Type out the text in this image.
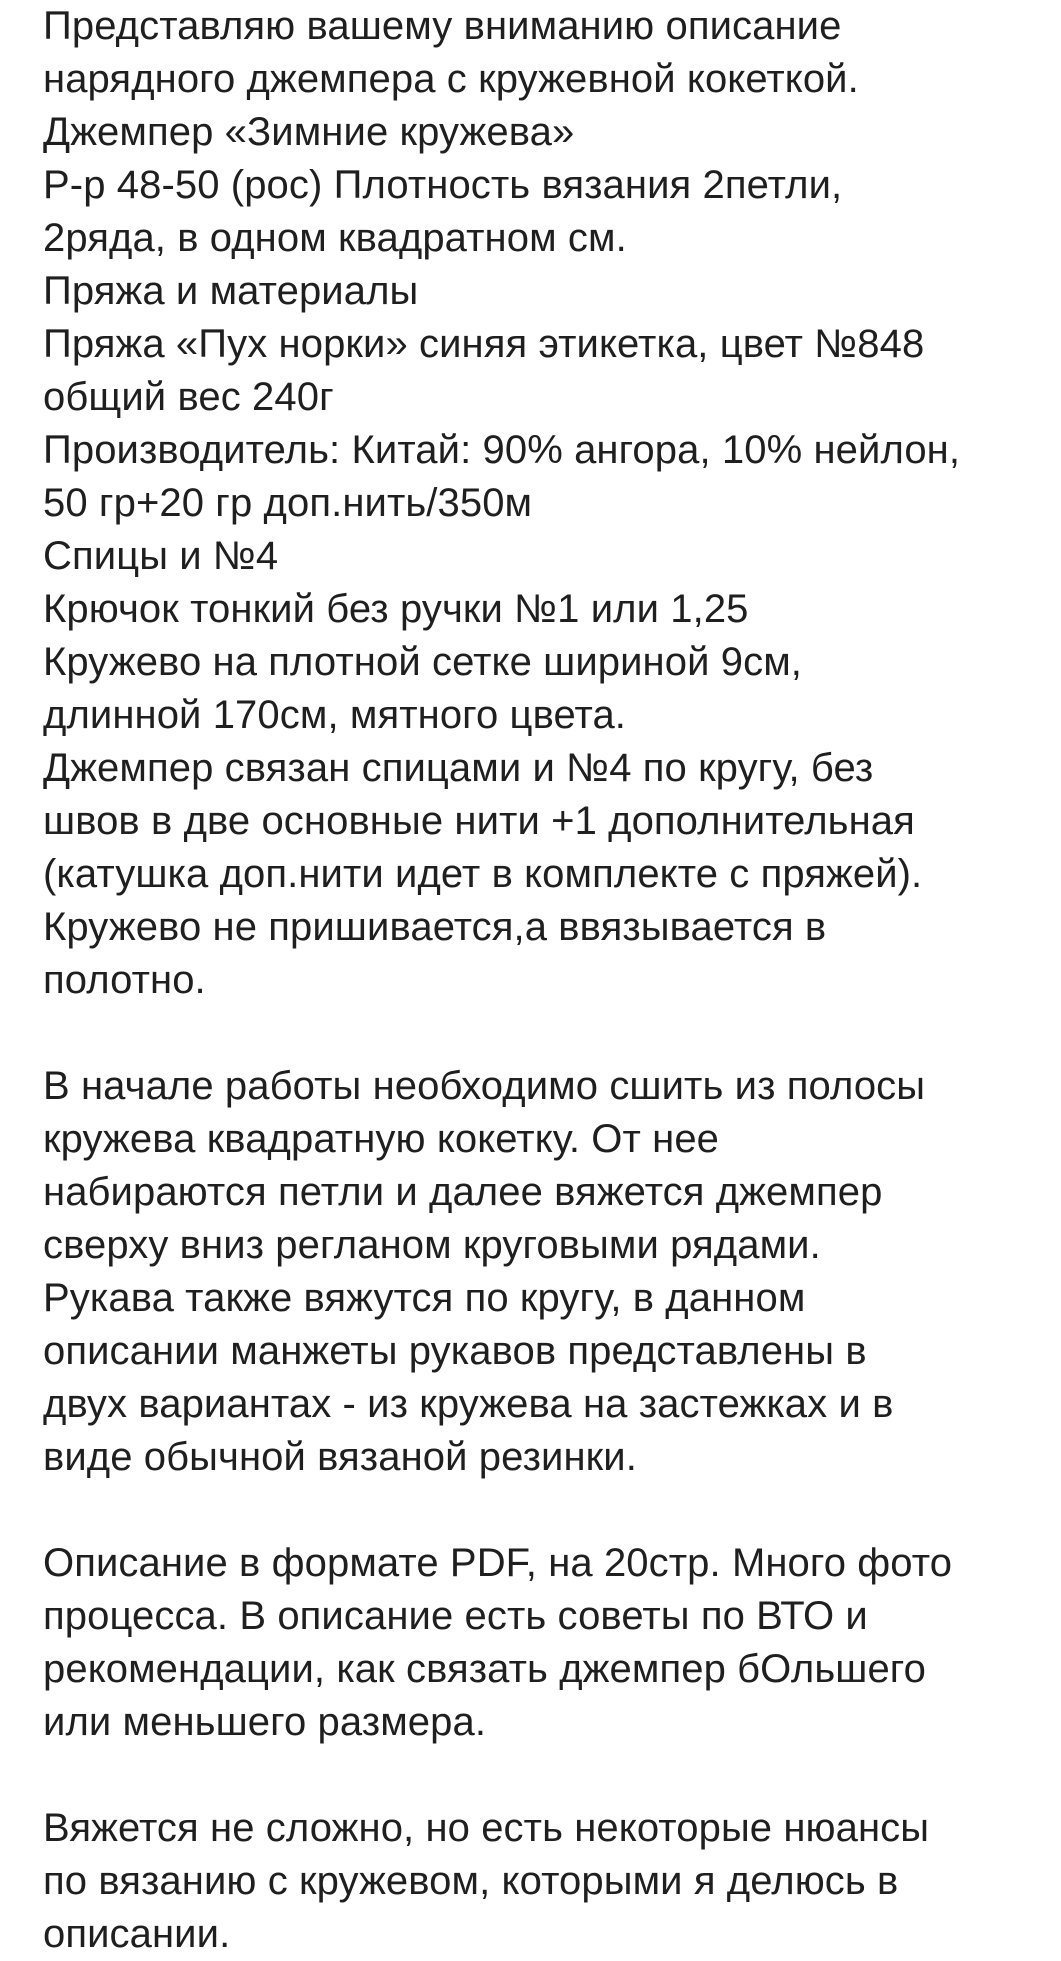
Представляю вашему вниманию описание
нарядного джемпера с кружевной кокеткой.
Джемпер «Зимние кружева»
Р-р 48-50 (рос) Плотность вязания 2петли,
2ряда, в одном квадратном см.
Пряжа и материалы
Пряжа «Пух норки» синяя этикетка, цвет №848
общий вес 240г
Производитель: Китай: 90% ангора, 10% нейлон,
50 гр+20 гр доп.нить/350м
Спицы и №4
Крючок тонкий без ручки №1 или 1,25
Кружево на плотной сетке шириной 9см,
длинной 170см, мятного цвета.
Джемпер связан спицами и №4 по кругу, без
швов в две основные нити +1 дополнительная
(катушка доп.нити идет в комплекте с пряжей).
Кружево не пришивается,а ввязывается в
полотно.
В начале работы необходимо сшить из полосы
кружева квадратную кокетку. От нее
набираются петли и далее вяжется джемпер
сверху вниз регланом круговыми рядами.
Рукава также вяжутся по кругу, в данном
описании манжеты рукавов представлены в
двух вариантах - из кружева на застежках и в
виде обычной вязаной резинки.
Описание в формате PDF, на 20стр. Много фото
процесса. В описание есть советы по ВТО и
рекомендации, как связать джемпер бОльшего
или меньшего размера.
Вяжется не сложно, но есть некоторые нюансы
по вязанию с кружевом, которыми я делюсь в
описании.
